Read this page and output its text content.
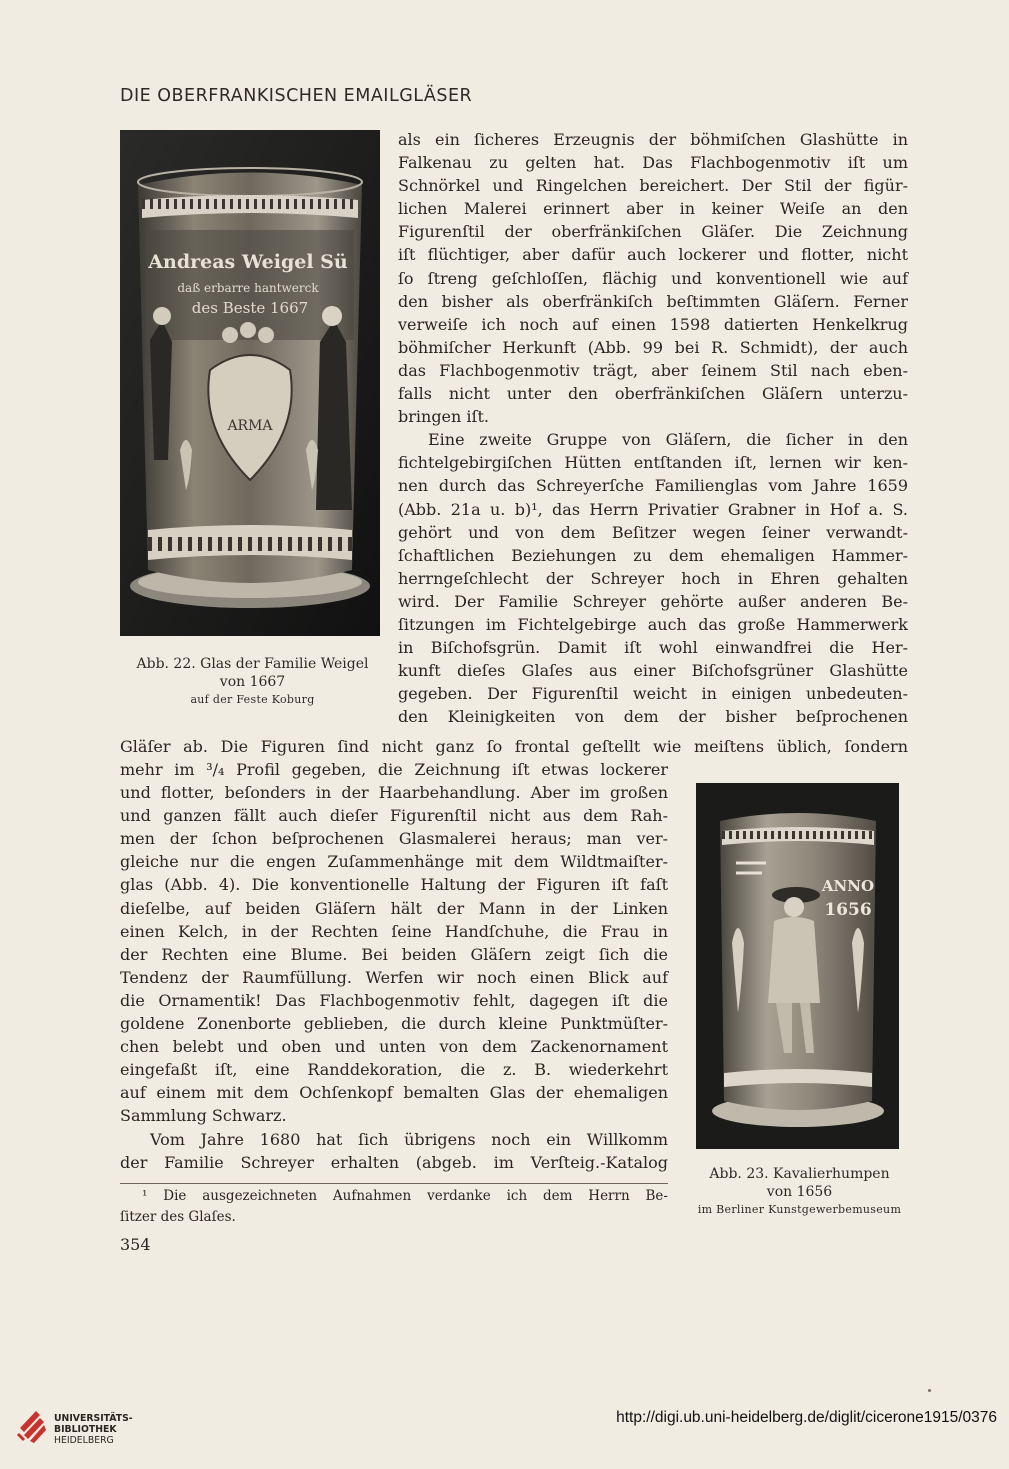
DIE OBERFRANKISCHEN EMAILGLÄSER
Andreas Weigel Sü
daß erbarre hantwerck
des Beste 1667
ARMA
Abb. 22. Glas der Familie Weigel
von 1667
auf der Feste Koburg
ANNO
1656
Abb. 23. Kavalierhumpen
von 1656
im Berliner Kunstgewerbemuseum
als ein ſicheres Erzeugnis der böhmiſchen Glashütte in
Falkenau zu gelten hat. Das Flachbogenmotiv iſt um
Schnörkel und Ringelchen bereichert. Der Stil der figür-
lichen Malerei erinnert aber in keiner Weiſe an den
Figurenſtil der oberfränkiſchen Gläſer. Die Zeichnung
iſt flüchtiger, aber dafür auch lockerer und flotter, nicht
ſo ſtreng geſchloſſen, flächig und konventionell wie auf
den bisher als oberfränkiſch beſtimmten Gläſern. Ferner
verweiſe ich noch auf einen 1598 datierten Henkelkrug
böhmiſcher Herkunft (Abb. 99 bei R. Schmidt), der auch
das Flachbogenmotiv trägt, aber ſeinem Stil nach eben-
falls nicht unter den oberfränkiſchen Gläſern unterzu-
bringen iſt.
Eine zweite Gruppe von Gläſern, die ſicher in den
fichtelgebirgiſchen Hütten entſtanden iſt, lernen wir ken-
nen durch das Schreyerſche Familienglas vom Jahre 1659
(Abb. 21a u. b)¹, das Herrn Privatier Grabner in Hof a. S.
gehört und von dem Beſitzer wegen ſeiner verwandt-
ſchaftlichen Beziehungen zu dem ehemaligen Hammer-
herrngeſchlecht der Schreyer hoch in Ehren gehalten
wird. Der Familie Schreyer gehörte außer anderen Be-
ſitzungen im Fichtelgebirge auch das große Hammerwerk
in Biſchofsgrün. Damit iſt wohl einwandfrei die Her-
kunft dieſes Glaſes aus einer Biſchofsgrüner Glashütte
gegeben. Der Figurenſtil weicht in einigen unbedeuten-
den Kleinigkeiten von dem der bisher beſprochenen
Gläſer ab. Die Figuren ſind nicht ganz ſo frontal geſtellt wie meiſtens üblich, ſondern
mehr im ³/₄ Profil gegeben, die Zeichnung iſt etwas lockerer
und flotter, beſonders in der Haarbehandlung. Aber im großen
und ganzen fällt auch dieſer Figurenſtil nicht aus dem Rah-
men der ſchon beſprochenen Glasmalerei heraus; man ver-
gleiche nur die engen Zuſammenhänge mit dem Wildtmaiſter-
glas (Abb. 4). Die konventionelle Haltung der Figuren iſt faſt
dieſelbe, auf beiden Gläſern hält der Mann in der Linken
einen Kelch, in der Rechten ſeine Handſchuhe, die Frau in
der Rechten eine Blume. Bei beiden Gläſern zeigt ſich die
Tendenz der Raumfüllung. Werfen wir noch einen Blick auf
die Ornamentik! Das Flachbogenmotiv fehlt, dagegen iſt die
goldene Zonenborte geblieben, die durch kleine Punktmüſter-
chen belebt und oben und unten von dem Zackenornament
eingefaßt iſt, eine Randdekoration, die z. B. wiederkehrt
auf einem mit dem Ochſenkopf bemalten Glas der ehemaligen
Sammlung Schwarz.
Vom Jahre 1680 hat ſich übrigens noch ein Willkomm
der Familie Schreyer erhalten (abgeb. im Verſteig.-Katalog
¹ Die ausgezeichneten Aufnahmen verdanke ich dem Herrn Be-
ſitzer des Glaſes.
354
UNIVERSITÄTS-
BIBLIOTHEK
HEIDELBERG
http://digi.ub.uni-heidelberg.de/diglit/cicerone1915/0376
